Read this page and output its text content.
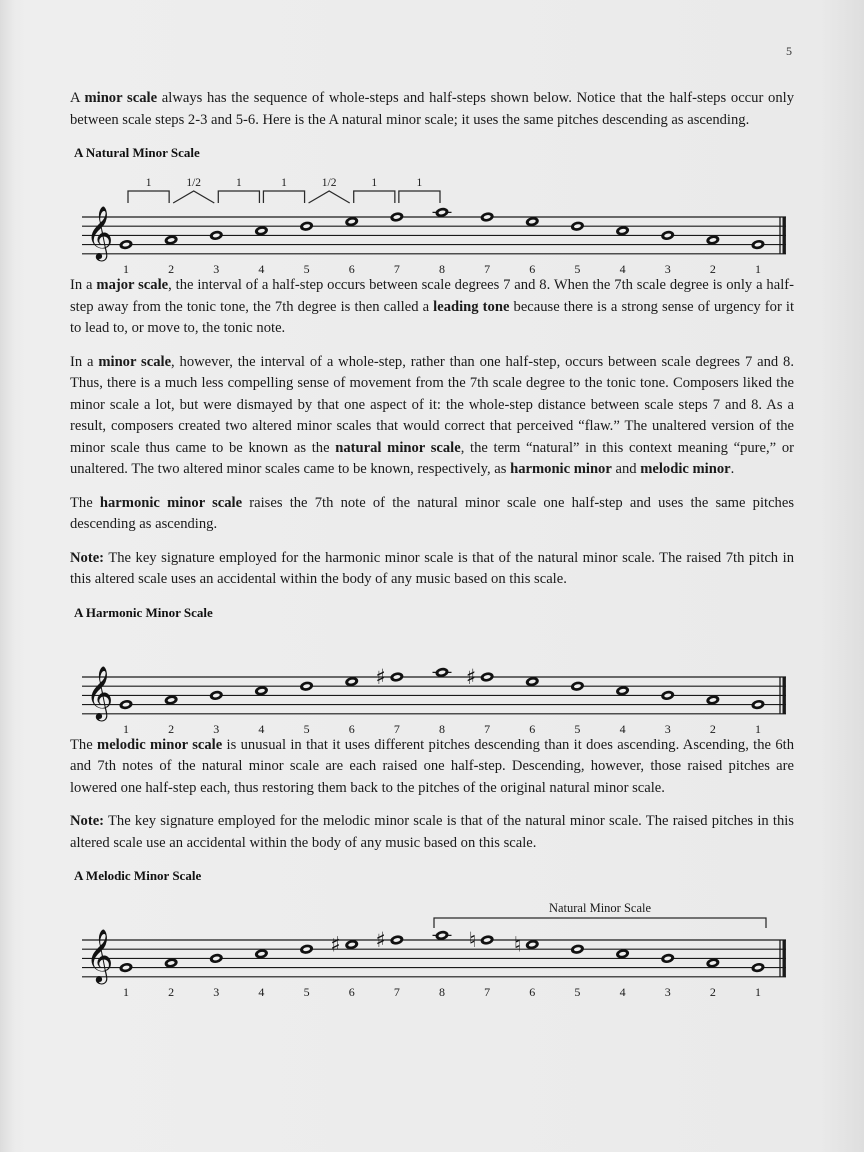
5

A minor scale always has the sequence of whole-steps and half-steps shown below. Notice that the half-steps occur only between scale steps 2-3 and 5-6. Here is the A natural minor scale; it uses the same pitches descending as ascending.

A Natural Minor Scale
𝄞
1	1/2	1	1	1/2	1	1
1	2	3	4	5	6	7	8	7	6	5	4	3	2	1

In a major scale, the interval of a half-step occurs between scale degrees 7 and 8. When the 7th scale degree is only a half-step away from the tonic tone, the 7th degree is then called a leading tone because there is a strong sense of urgency for it to lead to, or move to, the tonic note.

In a minor scale, however, the interval of a whole-step, rather than one half-step, occurs between scale degrees 7 and 8. Thus, there is a much less compelling sense of movement from the 7th scale degree to the tonic tone. Composers liked the minor scale a lot, but were dismayed by that one aspect of it: the whole-step distance between scale steps 7 and 8. As a result, composers created two altered minor scales that would correct that perceived “flaw.” The unaltered version of the minor scale thus came to be known as the natural minor scale, the term “natural” in this context meaning “pure,” or unaltered. The two altered minor scales came to be known, respectively, as harmonic minor and melodic minor.

The harmonic minor scale raises the 7th note of the natural minor scale one half-step and uses the same pitches descending as ascending.

Note: The key signature employed for the harmonic minor scale is that of the natural minor scale. The raised 7th pitch in this altered scale uses an accidental within the body of any music based on this scale.

A Harmonic Minor Scale
𝄞	♯	♯
1	2	3	4	5	6	7	8	7	6	5	4	3	2	1

The melodic minor scale is unusual in that it uses different pitches descending than it does ascending. Ascending, the 6th and 7th notes of the natural minor scale are each raised one half-step. Descending, however, those raised pitches are lowered one half-step each, thus restoring them back to the pitches of the original natural minor scale.

Note: The key signature employed for the melodic minor scale is that of the natural minor scale. The raised pitches in this altered scale use an accidental within the body of any music based on this scale.

A Melodic Minor Scale
𝄞
Natural Minor Scale
♯ ♯	♮ ♮
1	2	3	4	5	6	7	8	7	6	5	4	3	2	1
